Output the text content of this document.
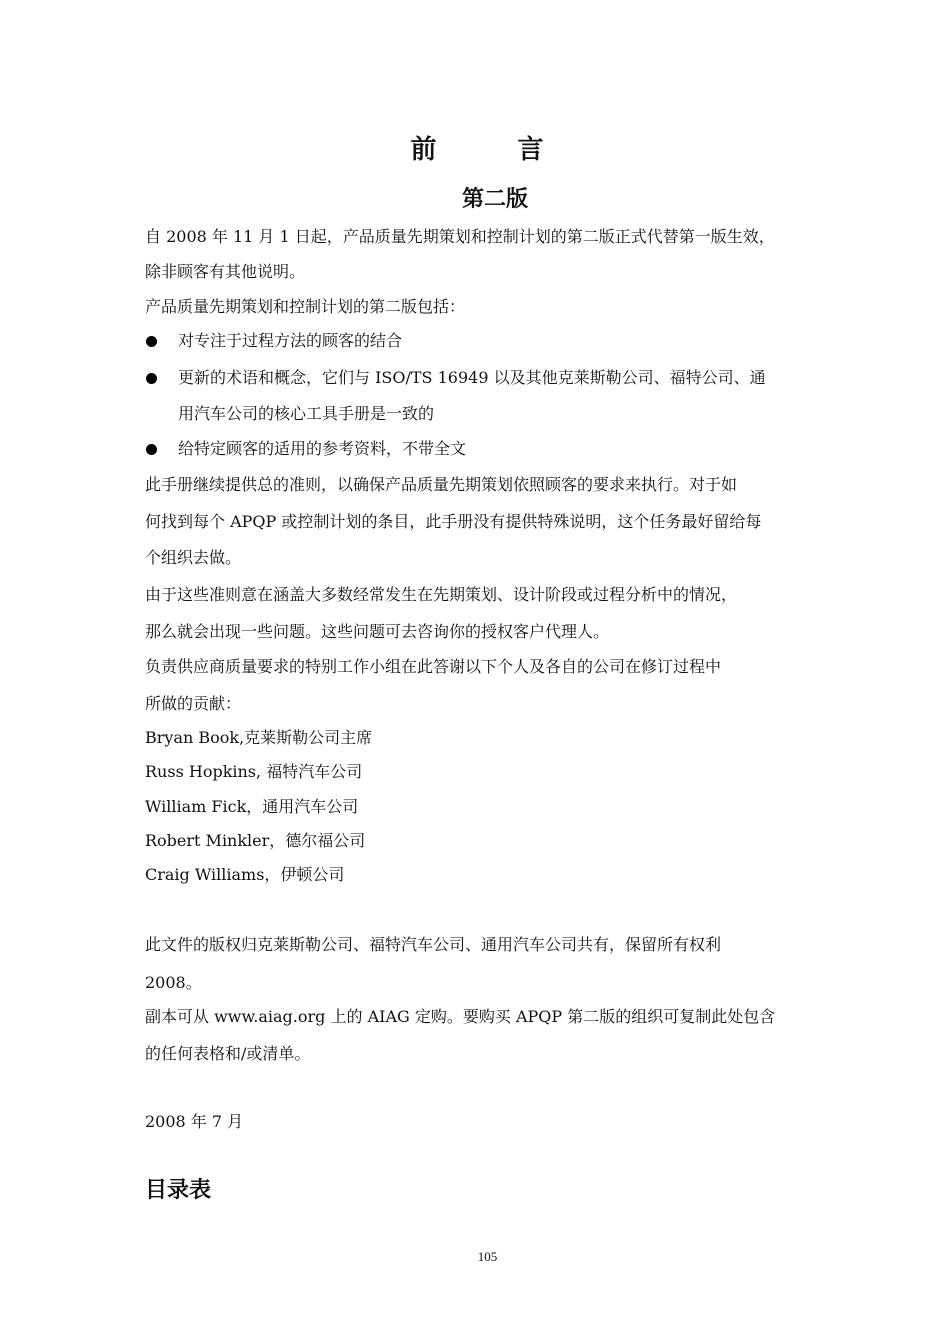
前 言
第二版
自 2008 年 11 月 1 日起，产品质量先期策划和控制计划的第二版正式代替第一版生效，
除非顾客有其他说明。
产品质量先期策划和控制计划的第二版包括：
对专注于过程方法的顾客的结合
更新的术语和概念，它们与 ISO/TS 16949 以及其他克莱斯勒公司、福特公司、通
用汽车公司的核心工具手册是一致的
给特定顾客的适用的参考资料，不带全文
此手册继续提供总的准则，以确保产品质量先期策划依照顾客的要求来执行。对于如
何找到每个 APQP 或控制计划的条目，此手册没有提供特殊说明，这个任务最好留给每
个组织去做。
由于这些准则意在涵盖大多数经常发生在先期策划、设计阶段或过程分析中的情况，
那么就会出现一些问题。这些问题可去咨询你的授权客户代理人。
负责供应商质量要求的特别工作小组在此答谢以下个人及各自的公司在修订过程中
所做的贡献：
Bryan Book,克莱斯勒公司主席
Russ Hopkins, 福特汽车公司
William Fick，通用汽车公司
Robert Minkler，德尔福公司
Craig Williams，伊顿公司
此文件的版权归克莱斯勒公司、福特汽车公司、通用汽车公司共有，保留所有权利
2008。
副本可从 www.aiag.org 上的 AIAG 定购。要购买 APQP 第二版的组织可复制此处包含
的任何表格和/或清单。
2008 年 7 月
目录表
105
